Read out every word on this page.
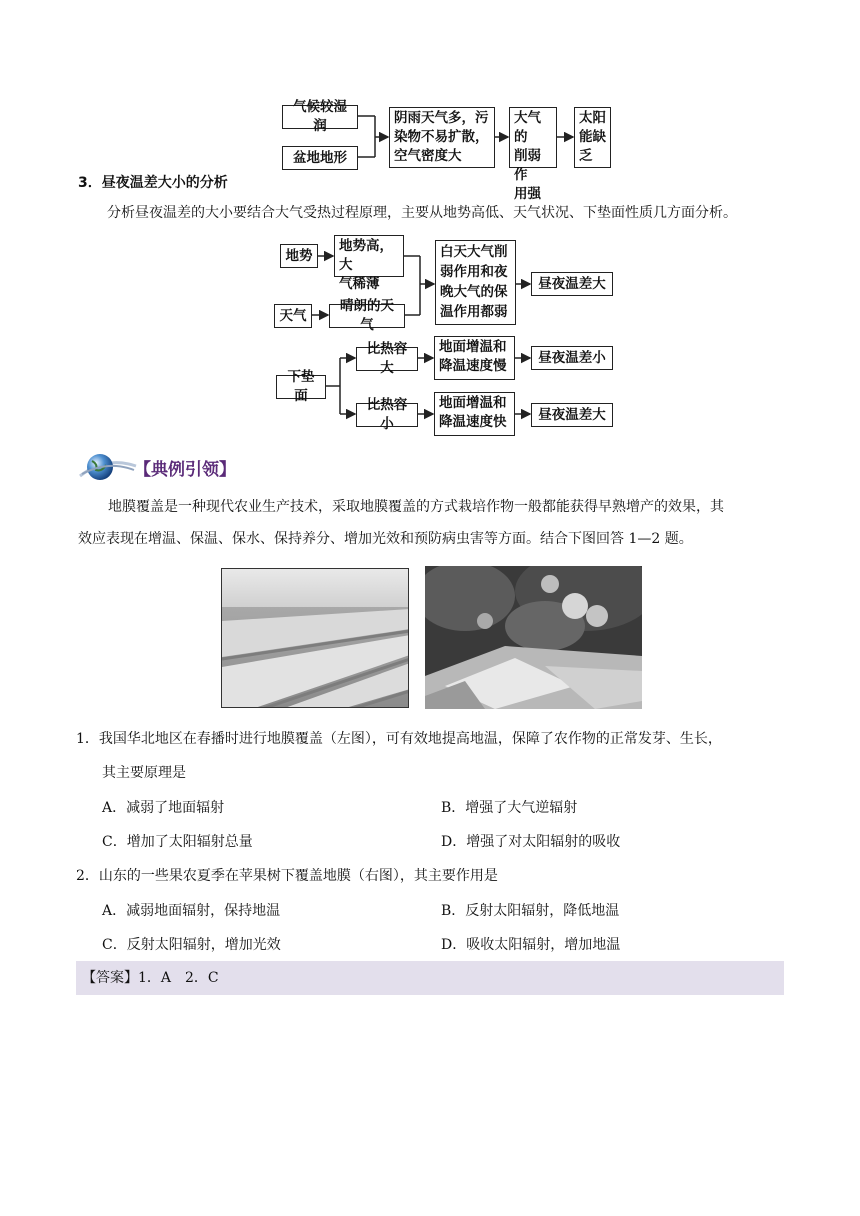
气候较湿润
盆地地形
阴雨天气多，污
染物不易扩散，
空气密度大
大气的
削弱作
用强
太阳
能缺
乏
3．昼夜温差大小的分析
分析昼夜温差的大小要结合大气受热过程原理，主要从地势高低、天气状况、下垫面性质几方面分析。
地势
地势高，大
气稀薄
天气
晴朗的天气
白天大气削
弱作用和夜
晚大气的保
温作用都弱
昼夜温差大
下垫面
比热容大
地面增温和
降温速度慢
昼夜温差小
比热容小
地面增温和
降温速度快	昼夜温差大
【典例引领】
地膜覆盖是一种现代农业生产技术，采取地膜覆盖的方式栽培作物一般都能获得早熟增产的效果，其
效应表现在增温、保温、保水、保持养分、增加光效和预防病虫害等方面。结合下图回答 1—2 题。
1．我国华北地区在春播时进行地膜覆盖（左图），可有效地提高地温，保障了农作物的正常发芽、生长，
其主要原理是
A．减弱了地面辐射	B．增强了大气逆辐射
C．增加了太阳辐射总量	D．增强了对太阳辐射的吸收
2．山东的一些果农夏季在苹果树下覆盖地膜（右图），其主要作用是
A．减弱地面辐射，保持地温	B．反射太阳辐射，降低地温
C．反射太阳辐射，增加光效	D．吸收太阳辐射，增加地温
【答案】1．A　2．C
